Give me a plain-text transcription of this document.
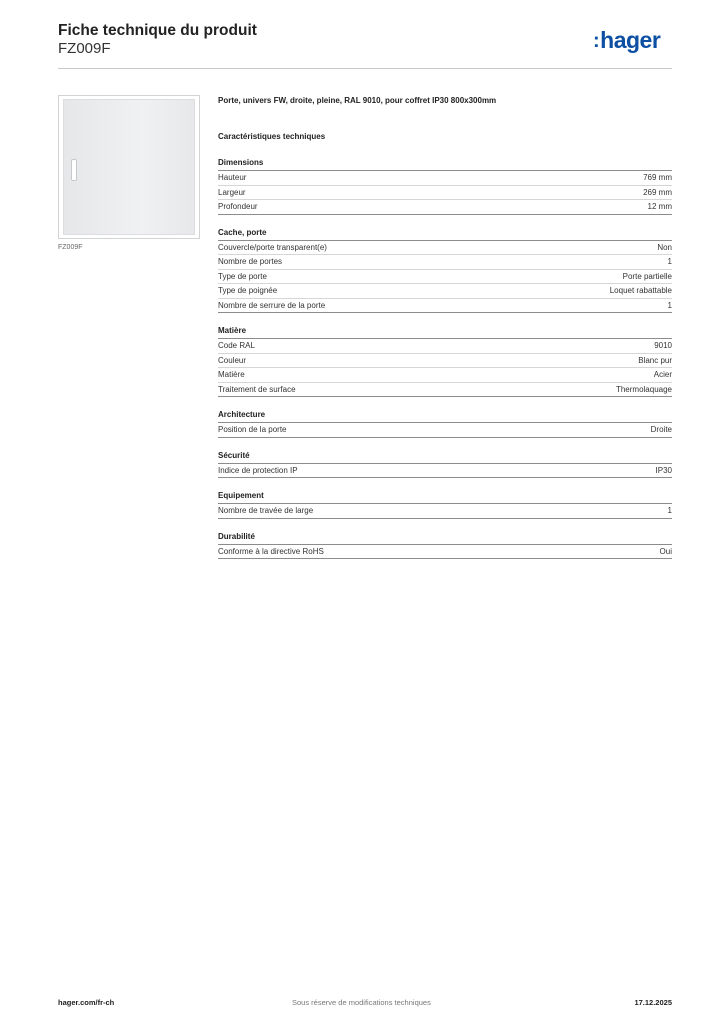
Fiche technique du produit
FZ009F	:hager
FZ009F

Porte, univers FW, droite, pleine, RAL 9010, pour coffret IP30 800x300mm

Caractéristiques techniques
Dimensions
Hauteur	769 mm
Largeur	269 mm
Profondeur	12 mm
Cache, porte
Couvercle/porte transparent(e)	Non
Nombre de portes	1
Type de porte	Porte partielle
Type de poignée	Loquet rabattable
Nombre de serrure de la porte	1
Matière
Code RAL	9010
Couleur	Blanc pur
Matière	Acier
Traitement de surface	Thermolaquage
Architecture
Position de la porte	Droite
Sécurité
Indice de protection IP	IP30
Equipement
Nombre de travée de large	1
Durabilité
Conforme à la directive RoHS	Oui
hager.com/fr-ch	Sous réserve de modifications techniques	17.12.2025
